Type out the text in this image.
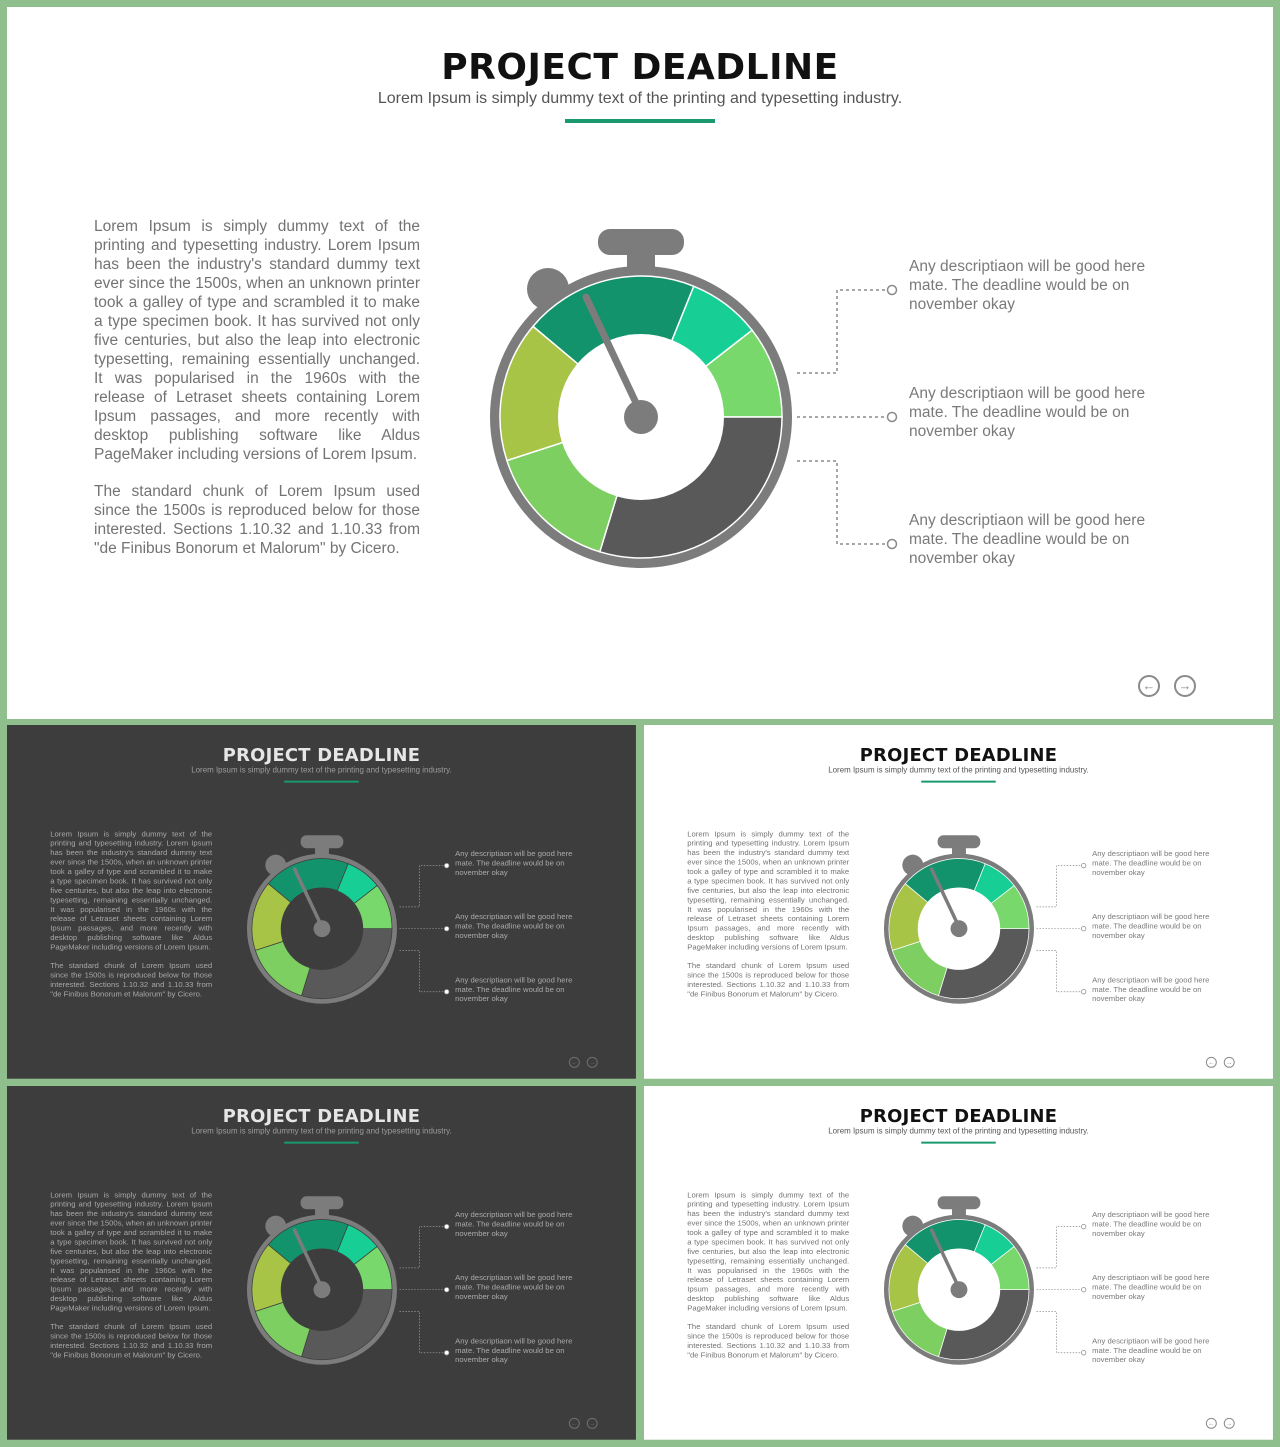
PROJECT DEADLINE
Lorem Ipsum is simply dummy text of the printing and typesetting industry.

Lorem Ipsum is simply dummy text of the printing and typesetting industry. Lorem Ipsum has been the industry's standard dummy text ever since the 1500s, when an unknown printer took a galley of type and scrambled it to make a type specimen book. It has survived not only five centuries, but also the leap into electronic typesetting, remaining essentially unchanged. It was popularised in the 1960s with the release of Letraset sheets containing Lorem Ipsum passages, and more recently with desktop publishing software like Aldus PageMaker including versions of Lorem Ipsum.

The standard chunk of Lorem Ipsum used since the 1500s is reproduced below for those interested. Sections 1.10.32 and 1.10.33 from "de Finibus Bonorum et Malorum" by Cicero.

Any descriptiaon will be good here mate. The deadline would be on november okay
Any descriptiaon will be good here mate. The deadline would be on november okay
Any descriptiaon will be good here mate. The deadline would be on november okay
←	→
PROJECT DEADLINE
Lorem Ipsum is simply dummy text of the printing and typesetting industry.

Lorem Ipsum is simply dummy text of the printing and typesetting industry. Lorem Ipsum has been the industry's standard dummy text ever since the 1500s, when an unknown printer took a galley of type and scrambled it to make a type specimen book. It has survived not only five centuries, but also the leap into electronic typesetting, remaining essentially unchanged. It was popularised in the 1960s with the release of Letraset sheets containing Lorem Ipsum passages, and more recently with desktop publishing software like Aldus PageMaker including versions of Lorem Ipsum.

The standard chunk of Lorem Ipsum used since the 1500s is reproduced below for those interested. Sections 1.10.32 and 1.10.33 from "de Finibus Bonorum et Malorum" by Cicero.

Any descriptiaon will be good here mate. The deadline would be on november okay
Any descriptiaon will be good here mate. The deadline would be on november okay
Any descriptiaon will be good here mate. The deadline would be on november okay
← →
PROJECT DEADLINE
Lorem Ipsum is simply dummy text of the printing and typesetting industry.

Lorem Ipsum is simply dummy text of the printing and typesetting industry. Lorem Ipsum has been the industry's standard dummy text ever since the 1500s, when an unknown printer took a galley of type and scrambled it to make a type specimen book. It has survived not only five centuries, but also the leap into electronic typesetting, remaining essentially unchanged. It was popularised in the 1960s with the release of Letraset sheets containing Lorem Ipsum passages, and more recently with desktop publishing software like Aldus PageMaker including versions of Lorem Ipsum.

The standard chunk of Lorem Ipsum used since the 1500s is reproduced below for those interested. Sections 1.10.32 and 1.10.33 from "de Finibus Bonorum et Malorum" by Cicero.

Any descriptiaon will be good here mate. The deadline would be on november okay
Any descriptiaon will be good here mate. The deadline would be on november okay
Any descriptiaon will be good here mate. The deadline would be on november okay
← →
PROJECT DEADLINE
Lorem Ipsum is simply dummy text of the printing and typesetting industry.

Lorem Ipsum is simply dummy text of the printing and typesetting industry. Lorem Ipsum has been the industry's standard dummy text ever since the 1500s, when an unknown printer took a galley of type and scrambled it to make a type specimen book. It has survived not only five centuries, but also the leap into electronic typesetting, remaining essentially unchanged. It was popularised in the 1960s with the release of Letraset sheets containing Lorem Ipsum passages, and more recently with desktop publishing software like Aldus PageMaker including versions of Lorem Ipsum.

The standard chunk of Lorem Ipsum used since the 1500s is reproduced below for those interested. Sections 1.10.32 and 1.10.33 from "de Finibus Bonorum et Malorum" by Cicero.

Any descriptiaon will be good here mate. The deadline would be on november okay
Any descriptiaon will be good here mate. The deadline would be on november okay
Any descriptiaon will be good here mate. The deadline would be on november okay
← →
PROJECT DEADLINE
Lorem Ipsum is simply dummy text of the printing and typesetting industry.

Lorem Ipsum is simply dummy text of the printing and typesetting industry. Lorem Ipsum has been the industry's standard dummy text ever since the 1500s, when an unknown printer took a galley of type and scrambled it to make a type specimen book. It has survived not only five centuries, but also the leap into electronic typesetting, remaining essentially unchanged. It was popularised in the 1960s with the release of Letraset sheets containing Lorem Ipsum passages, and more recently with desktop publishing software like Aldus PageMaker including versions of Lorem Ipsum.

The standard chunk of Lorem Ipsum used since the 1500s is reproduced below for those interested. Sections 1.10.32 and 1.10.33 from "de Finibus Bonorum et Malorum" by Cicero.

Any descriptiaon will be good here mate. The deadline would be on november okay
Any descriptiaon will be good here mate. The deadline would be on november okay
Any descriptiaon will be good here mate. The deadline would be on november okay
← →
